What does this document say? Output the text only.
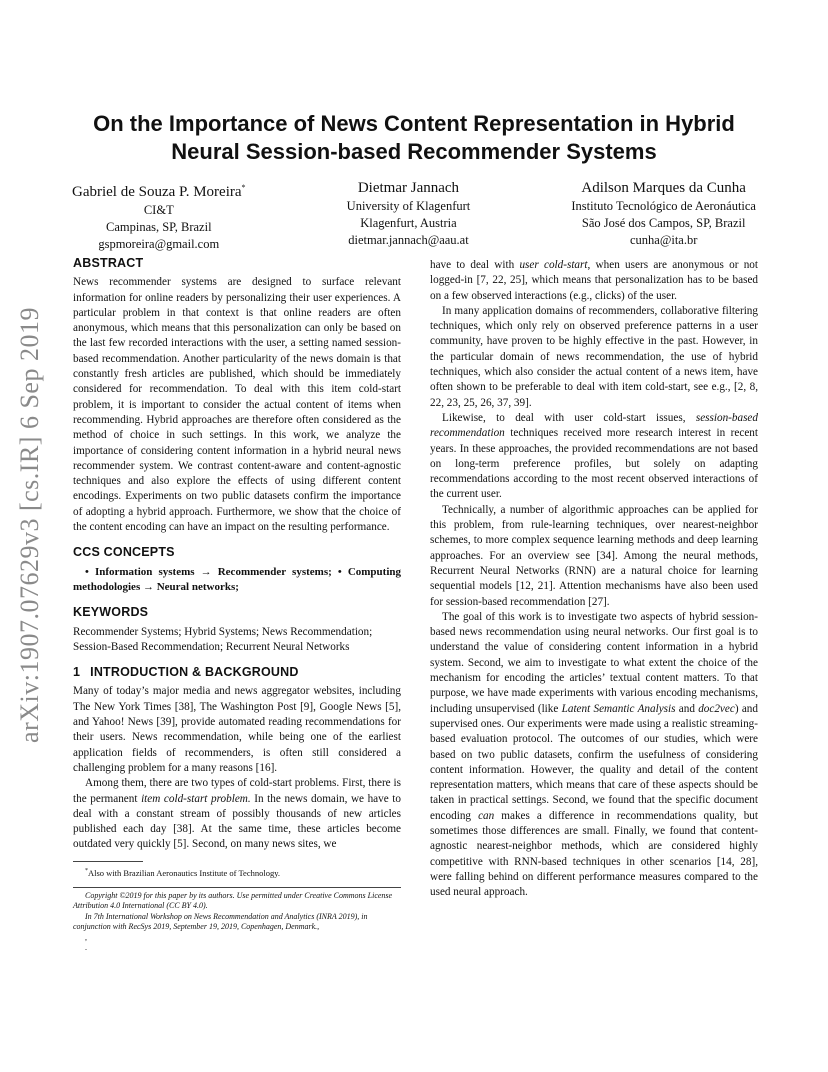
arXiv:1907.07629v3 [cs.IR] 6 Sep 2019
On the Importance of News Content Representation in Hybrid
Neural Session-based Recommender Systems
Gabriel de Souza P. Moreira*
CI&T
Campinas, SP, Brazil
gspmoreira@gmail.com
Dietmar Jannach
University of Klagenfurt
Klagenfurt, Austria
dietmar.jannach@aau.at
Adilson Marques da Cunha
Instituto Tecnológico de Aeronáutica
São José dos Campos, SP, Brazil
cunha@ita.br
ABSTRACT

News recommender systems are designed to surface relevant information for online readers by personalizing their user experiences. A particular problem in that context is that online readers are often anonymous, which means that this personalization can only be based on the last few recorded interactions with the user, a setting named session-based recommendation. Another particularity of the news domain is that constantly fresh articles are published, which should be immediately considered for recommendation. To deal with this item cold-start problem, it is important to consider the actual content of items when recommending. Hybrid approaches are therefore often considered as the method of choice in such settings. In this work, we analyze the importance of considering content information in a hybrid neural news recommender system. We contrast content-aware and content-agnostic techniques and also explore the effects of using different content encodings. Experiments on two public datasets confirm the importance of adopting a hybrid approach. Furthermore, we show that the choice of the content encoding can have an impact on the resulting performance.

CCS CONCEPTS

• Information systems → Recommender systems; • Computing methodologies → Neural networks;

KEYWORDS

Recommender Systems; Hybrid Systems; News Recommendation; Session-Based Recommendation; Recurrent Neural Networks

1 INTRODUCTION & BACKGROUND

Many of today’s major media and news aggregator websites, including The New York Times [38], The Washington Post [9], Google News [5], and Yahoo! News [39], provide automated reading recommendations for their users. News recommendation, while being one of the earliest application fields of recommenders, is often still considered a challenging problem for a many reasons [16].

Among them, there are two types of cold-start problems. First, there is the permanent item cold-start problem. In the news domain, we have to deal with a constant stream of possibly thousands of new articles published each day [38]. At the same time, these articles become outdated very quickly [5]. Second, on many news sites, we

*Also with Brazilian Aeronautics Institute of Technology.

Copyright ©2019 for this paper by its authors. Use permitted under Creative Commons License Attribution 4.0 International (CC BY 4.0).

In 7th International Workshop on News Recommendation and Analytics (INRA 2019), in conjunction with RecSys 2019, September 19, 2019, Copenhagen, Denmark.,

,

.

have to deal with user cold-start, when users are anonymous or not logged-in [7, 22, 25], which means that personalization has to be based on a few observed interactions (e.g., clicks) of the user.

In many application domains of recommenders, collaborative filtering techniques, which only rely on observed preference patterns in a user community, have proven to be highly effective in the past. However, in the particular domain of news recommendation, the use of hybrid techniques, which also consider the actual content of a news item, have often shown to be preferable to deal with item cold-start, see e.g., [2, 8, 22, 23, 25, 26, 37, 39].

Likewise, to deal with user cold-start issues, session-based recommendation techniques received more research interest in recent years. In these approaches, the provided recommendations are not based on long-term preference profiles, but solely on adapting recommendations according to the most recent observed interactions of the current user.

Technically, a number of algorithmic approaches can be applied for this problem, from rule-learning techniques, over nearest-neighbor schemes, to more complex sequence learning methods and deep learning approaches. For an overview see [34]. Among the neural methods, Recurrent Neural Networks (RNN) are a natural choice for learning sequential models [12, 21]. Attention mechanisms have also been used for session-based recommendation [27].

The goal of this work is to investigate two aspects of hybrid session-based news recommendation using neural networks. Our first goal is to understand the value of considering content information in a hybrid system. Second, we aim to investigate to what extent the choice of the mechanism for encoding the articles’ textual content matters. To that purpose, we have made experiments with various encoding mechanisms, including unsupervised (like Latent Semantic Analysis and doc2vec) and supervised ones. Our experiments were made using a realistic streaming-based evaluation protocol. The outcomes of our studies, which were based on two public datasets, confirm the usefulness of considering content information. However, the quality and detail of the content representation matters, which means that care of these aspects should be taken in practical settings. Second, we found that the specific document encoding can makes a difference in recommendations quality, but sometimes those differences are small. Finally, we found that content-agnostic nearest-neighbor methods, which are considered highly competitive with RNN-based techniques in other scenarios [14, 28], were falling behind on different performance measures compared to the used neural approach.
